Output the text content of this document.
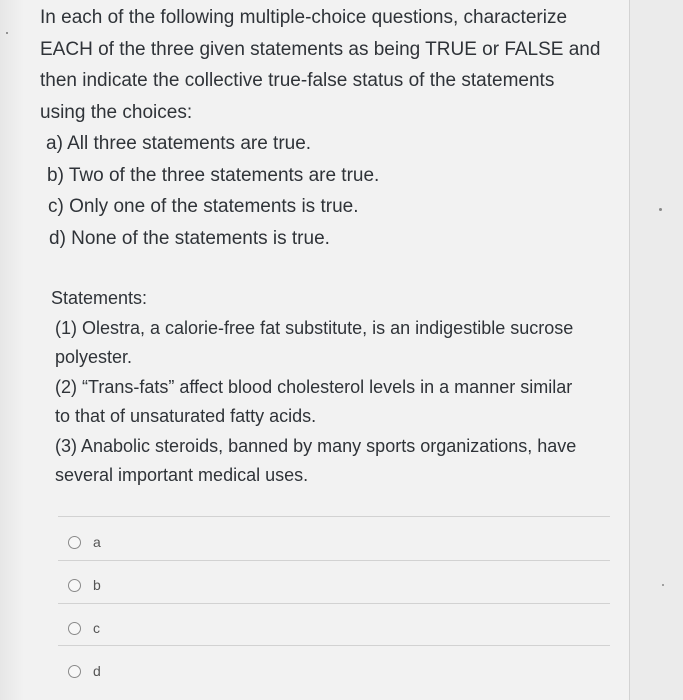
In each of the following multiple-choice questions, characterize
EACH of the three given statements as being TRUE or FALSE and
then indicate the collective true-false status of the statements
using the choices:
a) All three statements are true.
b) Two of the three statements are true.
c) Only one of the statements is true.
d) None of the statements is true.
Statements:
(1) Olestra, a calorie-free fat substitute, is an indigestible sucrose
polyester.
(2) “Trans-fats” affect blood cholesterol levels in a manner similar
to that of unsaturated fatty acids.
(3) Anabolic steroids, banned by many sports organizations, have
several important medical uses.
a
b
c
d
